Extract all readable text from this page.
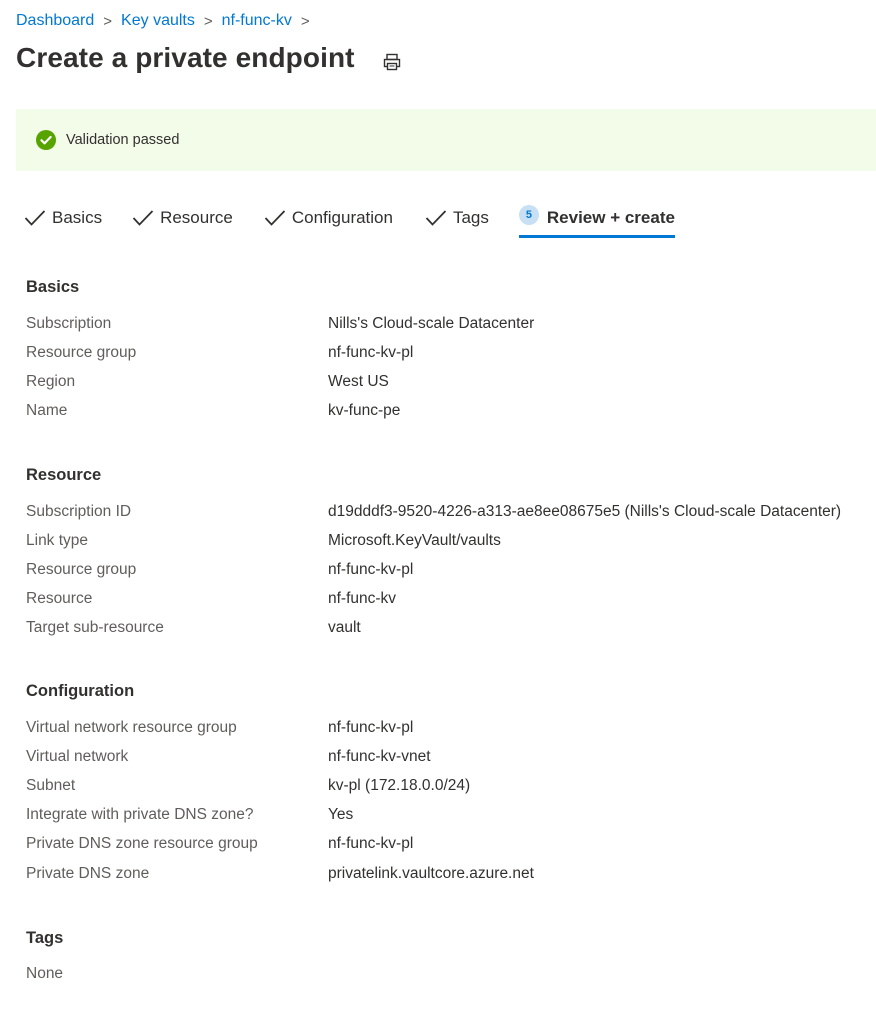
Dashboard > Key vaults > nf-func-kv >
Create a private endpoint
Validation passed
Basics	Resource	Configuration	Tags	5 Review + create
Basics
Subscription	Nills's Cloud-scale Datacenter
Resource group	nf-func-kv-pl
Region	West US
Name	kv-func-pe
Resource
Subscription ID	d19dddf3-9520-4226-a313-ae8ee08675e5 (Nills's Cloud-scale Datacenter)
Link type	Microsoft.KeyVault/vaults
Resource group	nf-func-kv-pl
Resource	nf-func-kv
Target sub-resource	vault
Configuration
Virtual network resource group	nf-func-kv-pl
Virtual network	nf-func-kv-vnet
Subnet	kv-pl (172.18.0.0/24)
Integrate with private DNS zone?	Yes
Private DNS zone resource group	nf-func-kv-pl
Private DNS zone	privatelink.vaultcore.azure.net
Tags
None
